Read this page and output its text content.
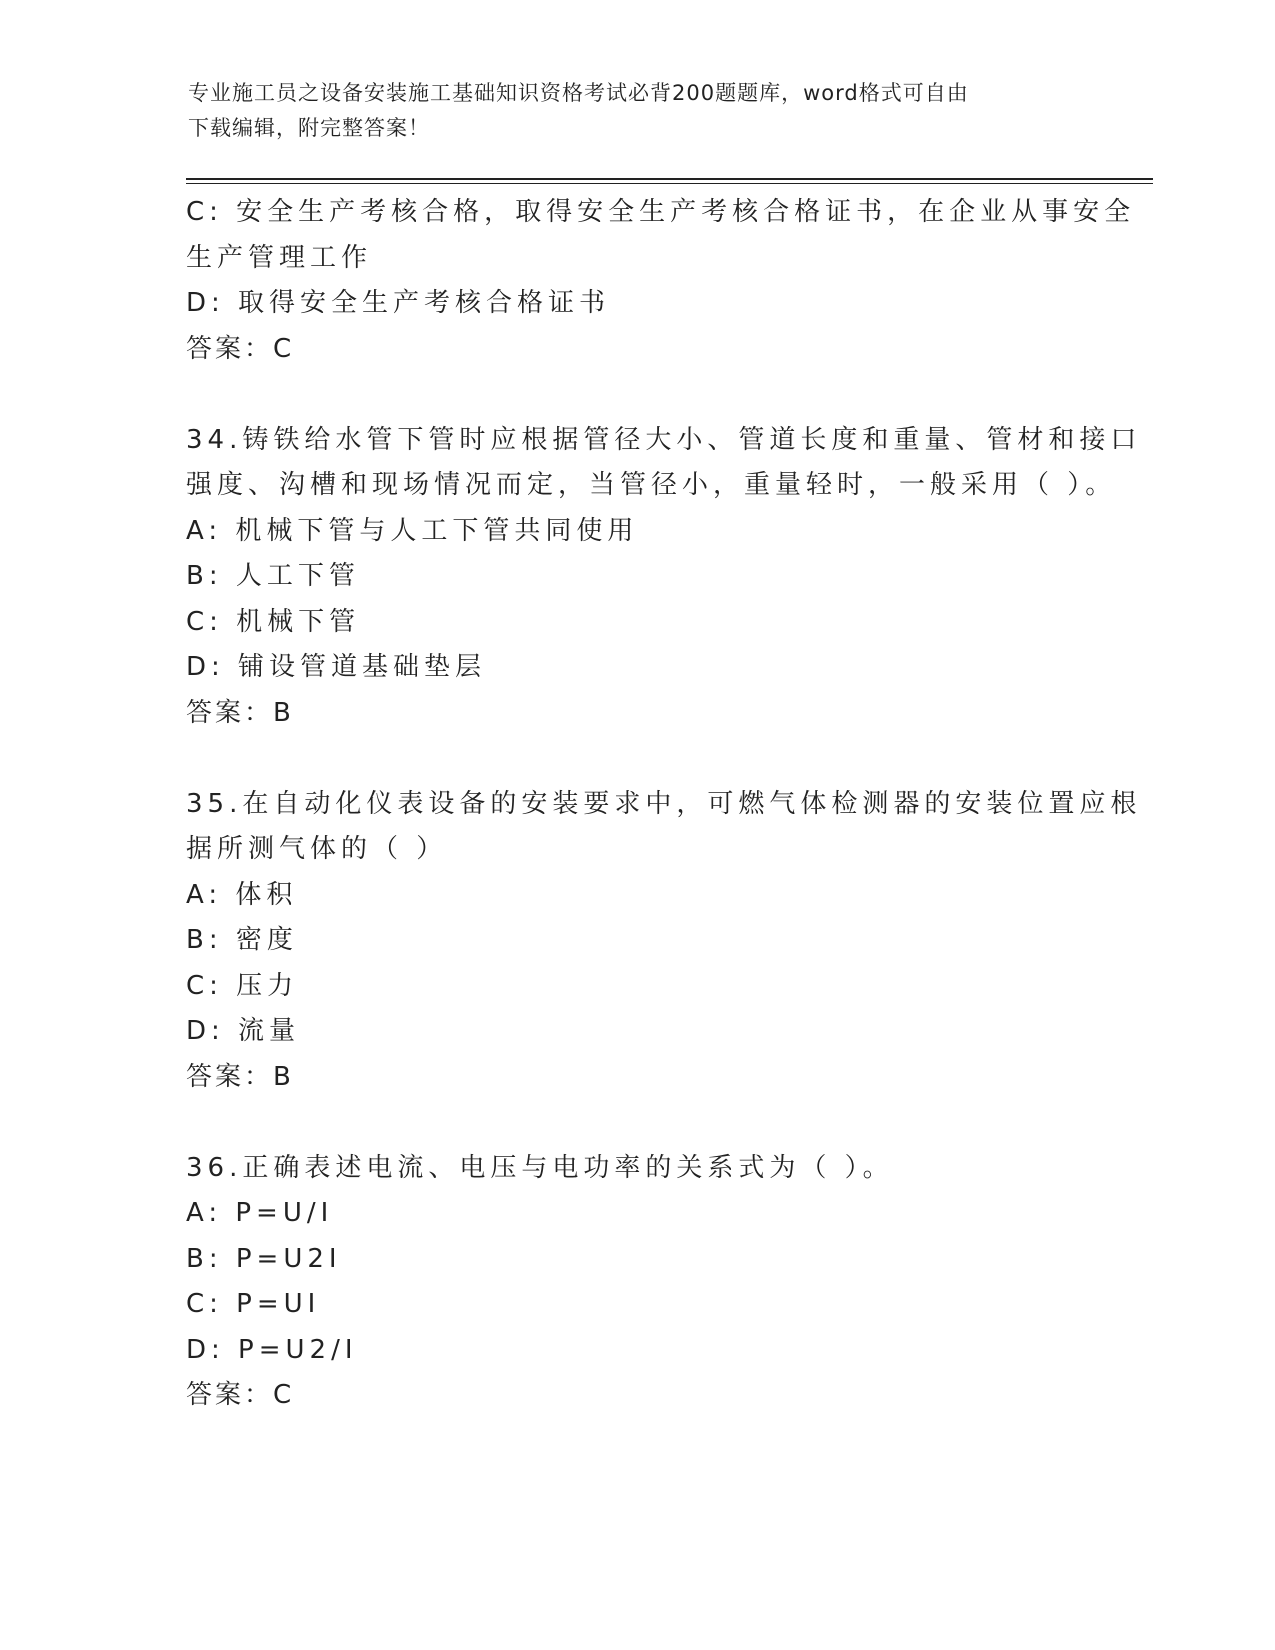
专业施工员之设备安装施工基础知识资格考试必背200题题库，word格式可自由
下载编辑，附完整答案！
C: 安全生产考核合格，取得安全生产考核合格证书，在企业从事安全
生产管理工作
D: 取得安全生产考核合格证书
答案：C
34.铸铁给水管下管时应根据管径大小、管道长度和重量、管材和接口
强度、沟槽和现场情况而定，当管径小，重量轻时，一般采用（ ）。
A: 机械下管与人工下管共同使用
B: 人工下管
C: 机械下管
D: 铺设管道基础垫层
答案：B
35.在自动化仪表设备的安装要求中，可燃气体检测器的安装位置应根
据所测气体的（ ）
A: 体积
B: 密度
C: 压力
D: 流量
答案：B
36.正确表述电流、电压与电功率的关系式为（ ）。
A: P=U/I
B: P=U2I
C: P=UI
D: P=U2/I
答案：C
